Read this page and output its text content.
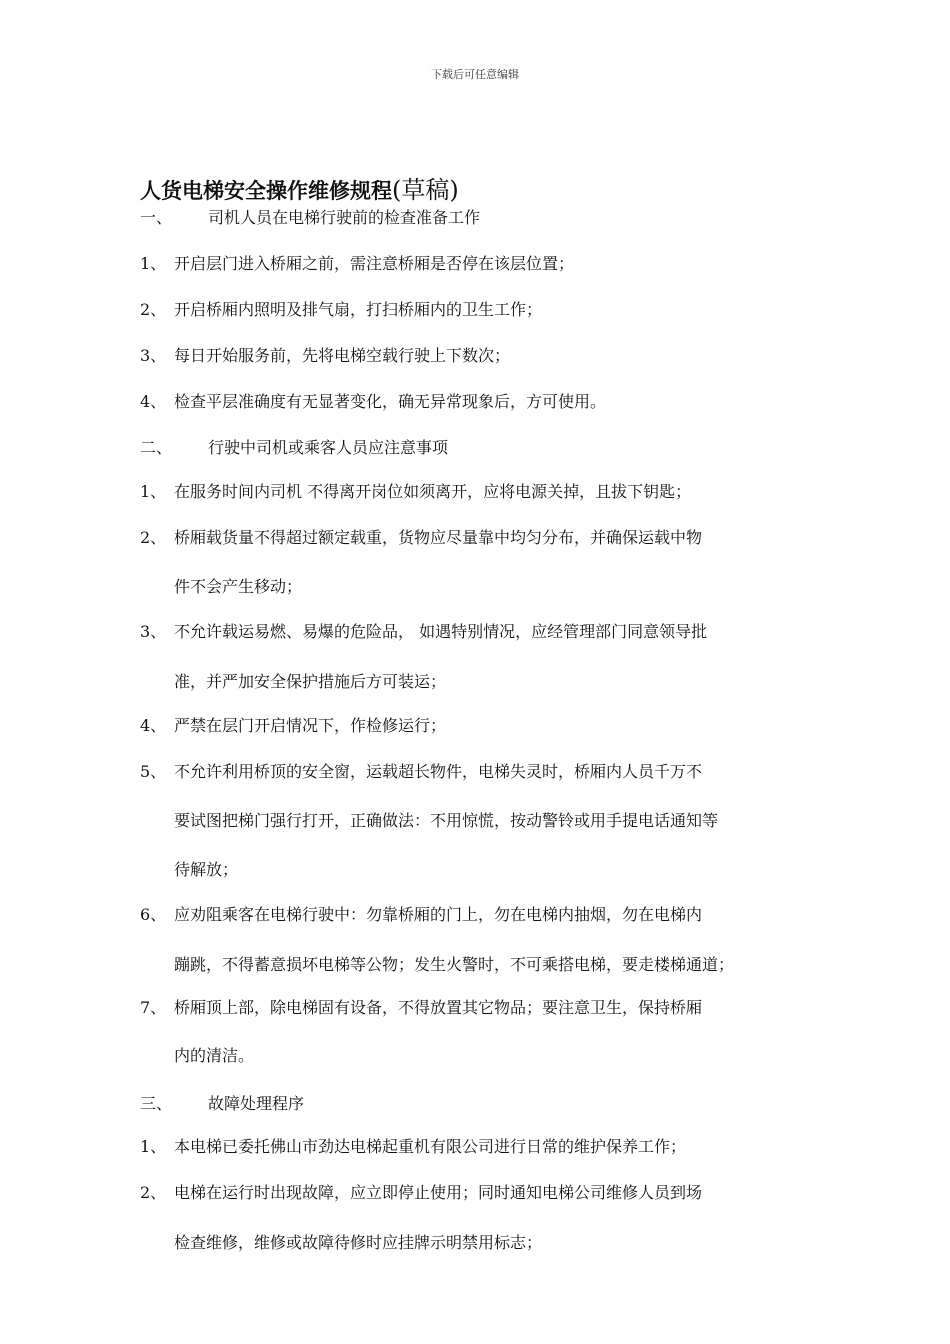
下载后可任意编辑
人货电梯安全操作维修规程(草稿)
一、 司机人员在电梯行驶前的检查准备工作
1、 开启层门进入桥厢之前，需注意桥厢是否停在该层位置；
2、 开启桥厢内照明及排气扇，打扫桥厢内的卫生工作；
3、 每日开始服务前，先将电梯空载行驶上下数次；
4、 检查平层准确度有无显著变化，确无异常现象后，方可使用。
二、 行驶中司机或乘客人员应注意事项
1、 在服务时间内司机 不得离开岗位如须离开，应将电源关掉，且拔下钥匙；
2、 桥厢载货量不得超过额定载重，货物应尽量靠中均匀分布，并确保运载中物
件不会产生移动；
3、 不允许载运易燃、易爆的危险品， 如遇特别情况，应经管理部门同意领导批
准，并严加安全保护措施后方可装运；
4、 严禁在层门开启情况下，作检修运行；
5、 不允许利用桥顶的安全窗，运载超长物件，电梯失灵时，桥厢内人员千万不
要试图把梯门强行打开，正确做法：不用惊慌，按动警铃或用手提电话通知等
待解放；
6、 应劝阻乘客在电梯行驶中：勿靠桥厢的门上，勿在电梯内抽烟，勿在电梯内
蹦跳，不得蓄意损坏电梯等公物；发生火警时，不可乘搭电梯，要走楼梯通道；
7、 桥厢顶上部，除电梯固有设备，不得放置其它物品；要注意卫生，保持桥厢
内的清洁。
三、 故障处理程序
1、 本电梯已委托佛山市劲达电梯起重机有限公司进行日常的维护保养工作；
2、 电梯在运行时出现故障，应立即停止使用；同时通知电梯公司维修人员到场
检查维修，维修或故障待修时应挂牌示明禁用标志；
